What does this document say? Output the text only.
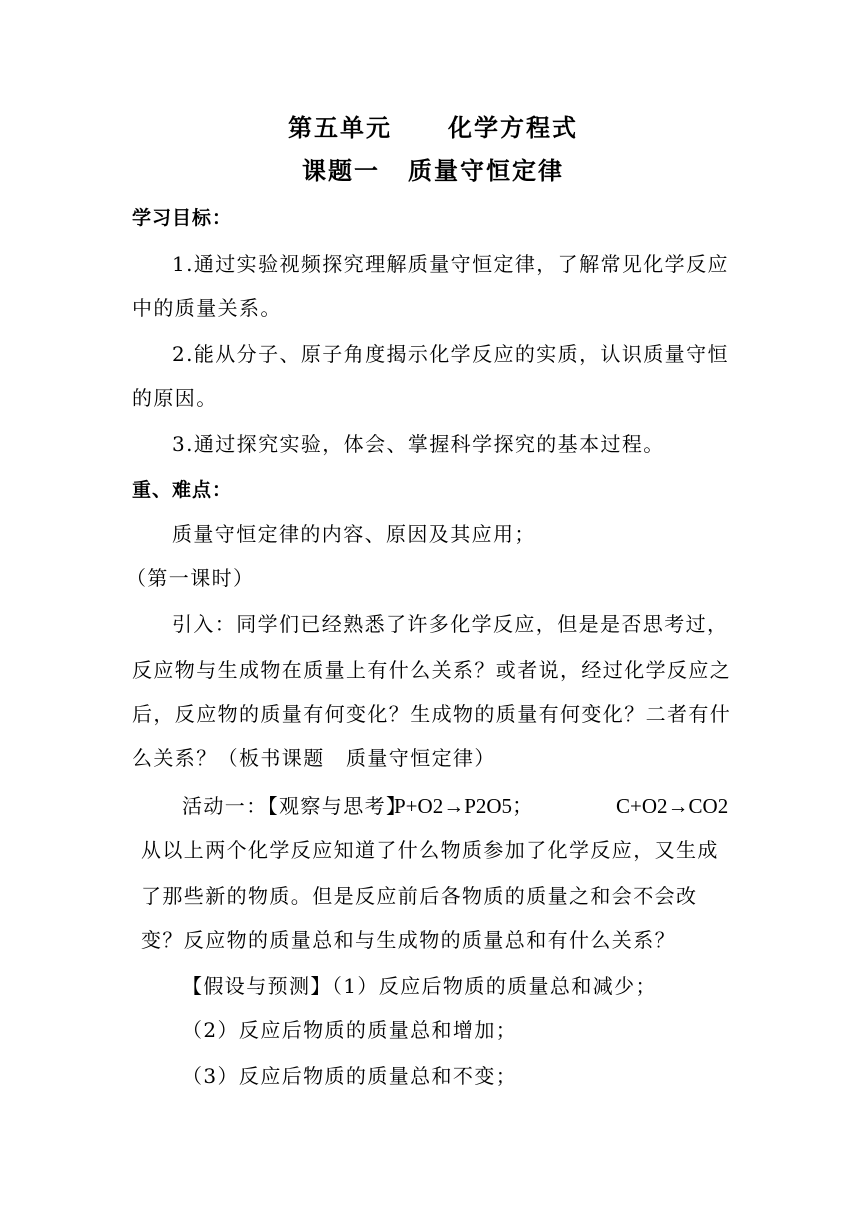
第五单元 化学方程式
课题一 质量守恒定律
学习目标：
1.通过实验视频探究理解质量守恒定律，了解常见化学反应
中的质量关系。
2.能从分子、原子角度揭示化学反应的实质，认识质量守恒
的原因。
3.通过探究实验，体会、掌握科学探究的基本过程。
重、难点：
质量守恒定律的内容、原因及其应用；
（第一课时）
引入：同学们已经熟悉了许多化学反应，但是是否思考过，
反应物与生成物在质量上有什么关系？或者说，经过化学反应之
后，反应物的质量有何变化？生成物的质量有何变化？二者有什
么关系？（板书课题　质量守恒定律）
活动一：【观察与思考】
P+O2→P2O5；	C+O2→CO2
从以上两个化学反应知道了什么物质参加了化学反应，又生成
了那些新的物质。但是反应前后各物质的质量之和会不会改
变？反应物的质量总和与生成物的质量总和有什么关系？
【假设与预测】（1）反应后物质的质量总和减少；
（2）反应后物质的质量总和增加；
（3）反应后物质的质量总和不变；
